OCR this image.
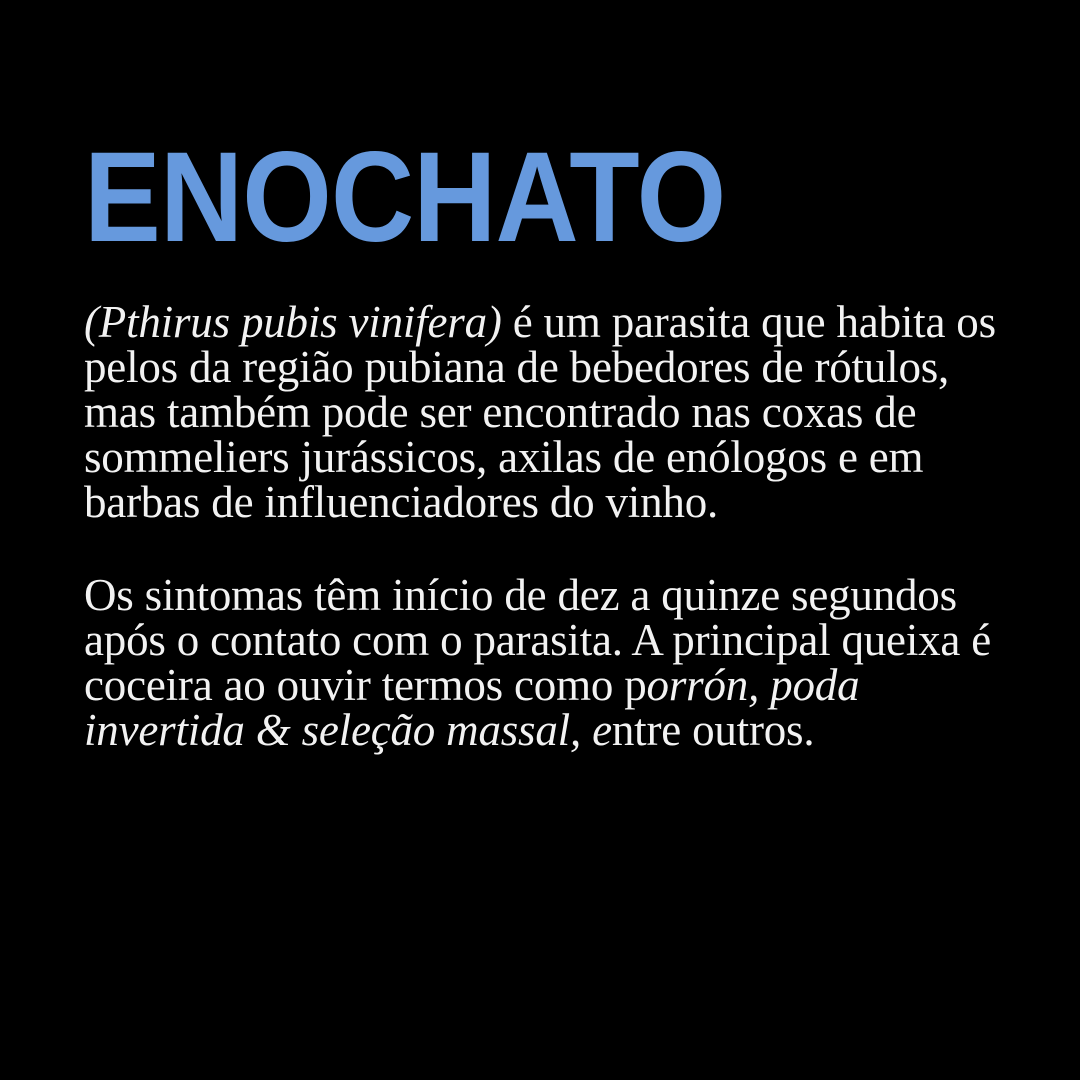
ENOCHATO

(Pthirus pubis vinifera) é um parasita que habita os pelos da região pubiana de bebedores de rótulos, mas também pode ser encontrado nas coxas de sommeliers jurássicos, axilas de enólogos e em barbas de influenciadores do vinho.

Os sintomas têm início de dez a quinze segundos após o contato com o parasita. A principal queixa é coceira ao ouvir termos como porrón, poda invertida & seleção massal, entre outros.
